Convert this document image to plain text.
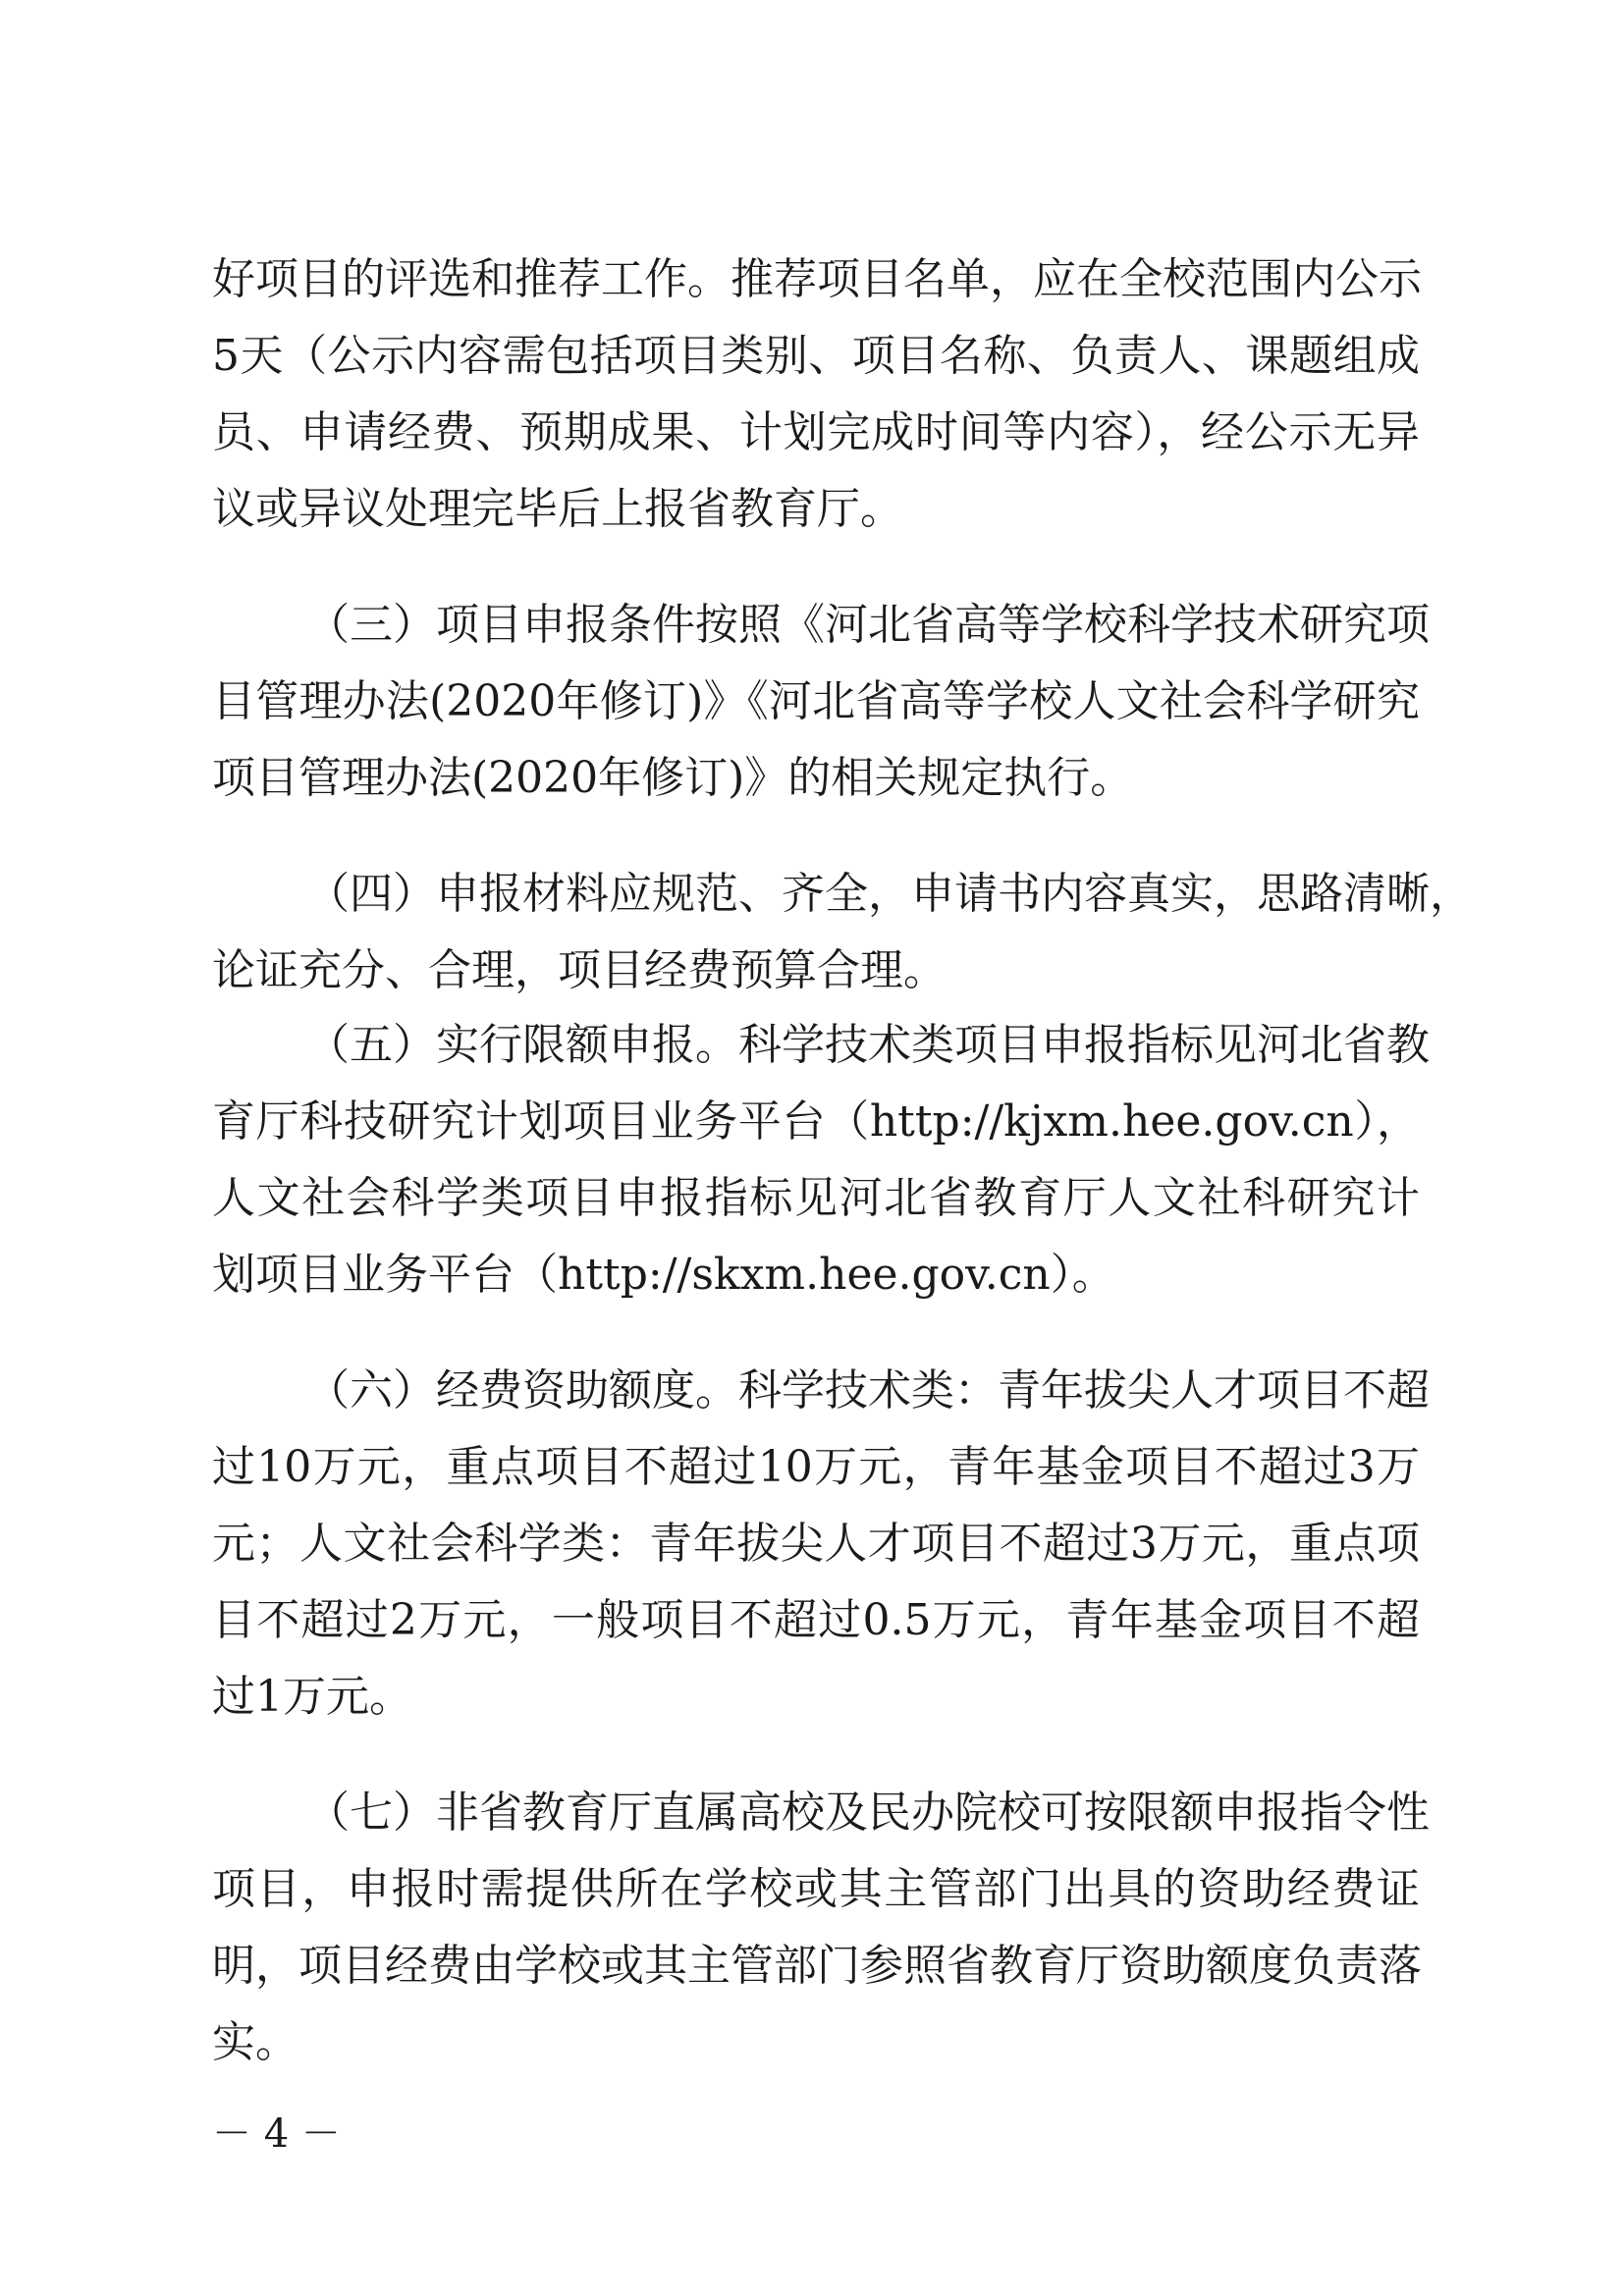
好项目的评选和推荐工作。推荐项目名单，应在全校范围内公示
5天（公示内容需包括项目类别、项目名称、负责人、课题组成
员、申请经费、预期成果、计划完成时间等内容），经公示无异
议或异议处理完毕后上报省教育厅。
（三）项目申报条件按照《河北省高等学校科学技术研究项
目管理办法(2020年修订)》《河北省高等学校人文社会科学研究
项目管理办法(2020年修订)》的相关规定执行。
（四）申报材料应规范、齐全，申请书内容真实，思路清晰，
论证充分、合理，项目经费预算合理。
（五）实行限额申报。科学技术类项目申报指标见河北省教
育厅科技研究计划项目业务平台（http://kjxm.hee.gov.cn），
人文社会科学类项目申报指标见河北省教育厅人文社科研究计
划项目业务平台（http://skxm.hee.gov.cn）。
（六）经费资助额度。科学技术类：青年拔尖人才项目不超
过10万元，重点项目不超过10万元，青年基金项目不超过3万
元；人文社会科学类：青年拔尖人才项目不超过3万元，重点项
目不超过2万元，一般项目不超过0.5万元，青年基金项目不超
过1万元。
（七）非省教育厅直属高校及民办院校可按限额申报指令性
项目，申报时需提供所在学校或其主管部门出具的资助经费证
明，项目经费由学校或其主管部门参照省教育厅资助额度负责落
实。
－ 4 －
